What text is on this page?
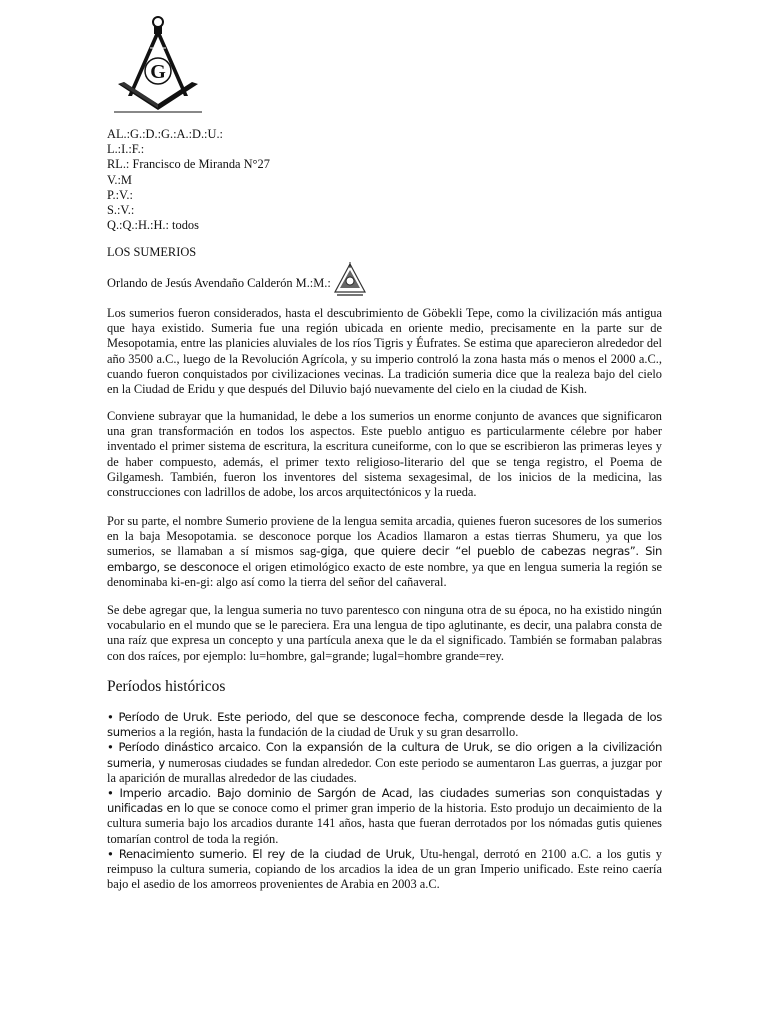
G
AL.:G.:D.:G.:A.:D.:U.:
L.:I.:F.:
RL.: Francisco de Miranda N°27
V.:M
P.:V.:
S.:V.:
Q.:Q.:H.:H.: todos
LOS SUMERIOS
Orlando de Jesús Avendaño Calderón M.:M.:

Los sumerios fueron considerados, hasta el descubrimiento de Göbekli Tepe, como la civilización más antigua que haya existido. Sumeria fue una región ubicada en oriente medio, precisamente en la parte sur de Mesopotamia, entre las planicies aluviales de los ríos Tigris y Éufrates. Se estima que aparecieron alrededor del año 3500 a.C., luego de la Revolución Agrícola, y su imperio controló la zona hasta más o menos el 2000 a.C., cuando fueron conquistados por civilizaciones vecinas. La tradición sumeria dice que la realeza bajo del cielo en la Ciudad de Eridu y que después del Diluvio bajó nuevamente del cielo en la ciudad de Kish.

Conviene subrayar que la humanidad, le debe a los sumerios un enorme conjunto de avances que significaron una gran transformación en todos los aspectos. Este pueblo antiguo es particularmente célebre por haber inventado el primer sistema de escritura, la escritura cuneiforme, con lo que se escribieron las primeras leyes y de haber compuesto, además, el primer texto religioso-literario del que se tenga registro, el Poema de Gilgamesh. También, fueron los inventores del sistema sexagesimal, de los inicios de la medicina, las construcciones con ladrillos de adobe, los arcos arquitectónicos y la rueda.

Por su parte, el nombre Sumerio proviene de la lengua semita arcadia, quienes fueron sucesores de los sumerios en la baja Mesopotamia. se desconoce porque los Acadios llamaron a estas tierras Shumeru, ya que los sumerios, se llamaban a sí mismos sag-giga, que quiere decir “el pueblo de cabezas negras”. Sin embargo, se desconoce el origen etimológico exacto de este nombre, ya que en lengua sumeria la región se denominaba ki-en-gi: algo así como la tierra del señor del cañaveral.

Se debe agregar que, la lengua sumeria no tuvo parentesco con ninguna otra de su época, no ha existido ningún vocabulario en el mundo que se le pareciera. Era una lengua de tipo aglutinante, es decir, una palabra consta de una raíz que expresa un concepto y una partícula anexa que le da el significado. También se formaban palabras con dos raíces, por ejemplo: lu=hombre, gal=grande; lugal=hombre grande=rey.

Períodos históricos
• Período de Uruk. Este periodo, del que se desconoce fecha, comprende desde la llegada de los sumerios a la región, hasta la fundación de la ciudad de Uruk y su gran desarrollo.
• Período dinástico arcaico. Con la expansión de la cultura de Uruk, se dio origen a la civilización sumeria, y numerosas ciudades se fundan alrededor. Con este periodo se aumentaron Las guerras, a juzgar por la aparición de murallas alrededor de las ciudades.
• Imperio arcadio. Bajo dominio de Sargón de Acad, las ciudades sumerias son conquistadas y unificadas en lo que se conoce como el primer gran imperio de la historia. Esto produjo un decaimiento de la cultura sumeria bajo los arcadios durante 141 años, hasta que fueran derrotados por los nómadas gutis quienes tomarían control de toda la región.
• Renacimiento sumerio. El rey de la ciudad de Uruk, Utu-hengal, derrotó en 2100 a.C. a los gutis y reimpuso la cultura sumeria, copiando de los arcadios la idea de un gran Imperio unificado. Este reino caería bajo el asedio de los amorreos provenientes de Arabia en 2003 a.C.
